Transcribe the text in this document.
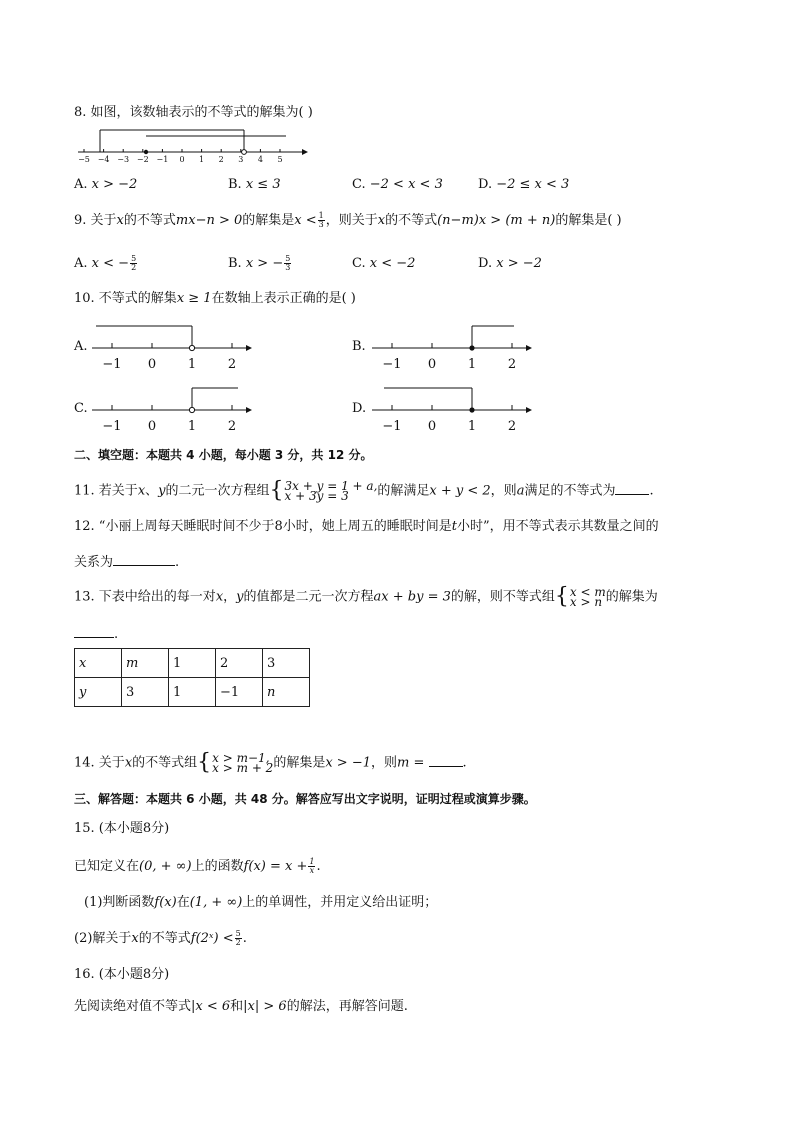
8. 如图，该数轴表示的不等式的解集为( )
−5 −4 −3 −2 −1 0 1 2 3 4 5
A. x > −2	B. x ≤ 3	C. −2 < x < 3	D. −2 ≤ x < 3
9. 关于x的不等式mx−n > 0的解集是$x < \frac{1}{3}$ ，则关于x的不等式(n−m)x > (m + n)的解集是( )
A. x < − $\frac{5}{2}$	B. x > − $\frac{5}{3}$	C. x < −2	D. x > −2
10. 不等式的解集x ≥ 1在数轴上表示正确的是( )
A.	B.
C.	D.
−1 0 1 2	−1 0 1 2
−1 0 1 2	−1 0 1 2
二、填空题：本题共 4 小题，每小题 3 分，共 12 分。
11. 若关于x、y的二元一次方程组{ 3x + y = 1 + a,
x + 3y = 3	的解满足x + y < 2，则a满足的不等式为	.
12. “小丽上周每天睡眠时间不少于8小时，她上周五的睡眠时间是t小时”，用不等式表示其数量之间的
关系为	.
13. 下表中给出的每一对x，y的值都是二元一次方程ax + by = 3的解，则不等式组{ x < m
x > n 的解集为
.
x	m	1	2	3
y	3	1	−1	n
14. 关于x的不等式组{ x > m−1,
x > m + 2 的解集是x > −1，则m =	.
三、解答题：本题共 6 小题，共 48 分。解答应写出文字说明，证明过程或演算步骤。
15. (本小题8分)
已知定义在(0, + ∞)上的函数$f(x) = x + \frac{1}{x}$ .
(1)判断函数f(x)在(1, + ∞)上的单调性，并用定义给出证明；
(2)解关于x的不等式f(2ˣ) < $\frac{5}{2}$ .
16. (本小题8分)
先阅读绝对值不等式|x < 6和|x| > 6的解法，再解答问题.
